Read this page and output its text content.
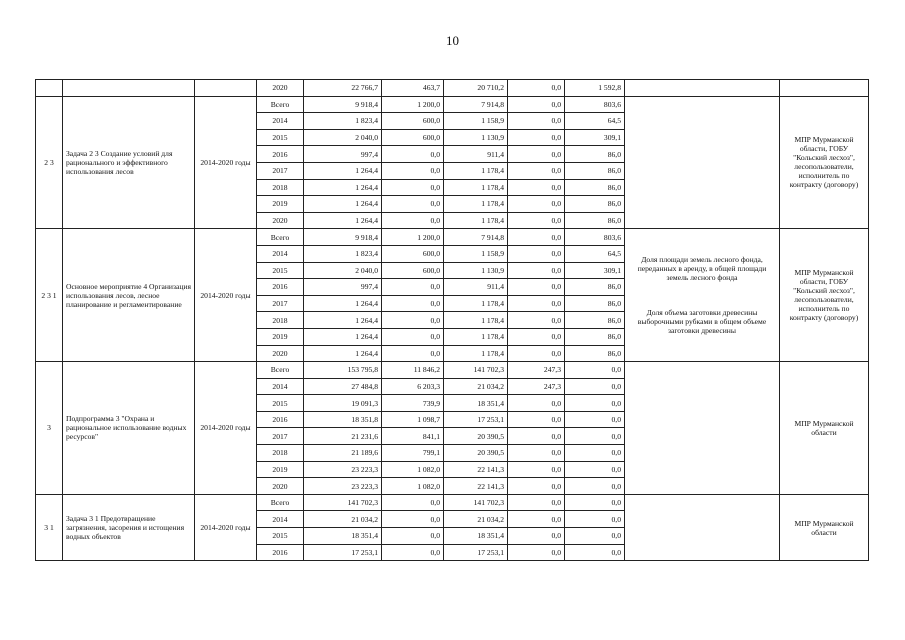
10
			2020	22 766,7	463,7	20 710,2	0,0	1 592,8		
2 3	Задача 2 3 Создание условий для рационального и эффективного использования лесов	2014-2020 годы	Всего	9 918,4	1 200,0	7 914,8	0,0	803,6		МПР Мурманской области, ГОБУ "Кольский лесхоз", лесопользователи, исполнитель по контракту (договору)
			2014	1 823,4	600,0	1 158,9	0,0	64,5		
			2015	2 040,0	600,0	1 130,9	0,0	309,1		
			2016	997,4	0,0	911,4	0,0	86,0		
			2017	1 264,4	0,0	1 178,4	0,0	86,0		
			2018	1 264,4	0,0	1 178,4	0,0	86,0		
			2019	1 264,4	0,0	1 178,4	0,0	86,0		
			2020	1 264,4	0,0	1 178,4	0,0	86,0		
2 3 1	Основное мероприятие 4 Организация использования лесов, лесное планирование и регламентирование	2014-2020 годы	Всего	9 918,4	1 200,0	7 914,8	0,0	803,6	Доля площади земель лесного фонда, переданных в аренду, в общей площади земель лесного фонда
Доля объема заготовки древесины выборочными рубками в общем объеме заготовки древесины	МПР Мурманской области, ГОБУ "Кольский лесхоз", лесопользователи, исполнитель по контракту (договору)
			2014	1 823,4	600,0	1 158,9	0,0	64,5		
			2015	2 040,0	600,0	1 130,9	0,0	309,1		
			2016	997,4	0,0	911,4	0,0	86,0		
			2017	1 264,4	0,0	1 178,4	0,0	86,0		
			2018	1 264,4	0,0	1 178,4	0,0	86,0		
			2019	1 264,4	0,0	1 178,4	0,0	86,0		
			2020	1 264,4	0,0	1 178,4	0,0	86,0		
3	Подпрограмма 3 "Охрана и рациональное использование водных ресурсов"	2014-2020 годы	Всего	153 795,8	11 846,2	141 702,3	247,3	0,0		МПР Мурманской области
			2014	27 484,8	6 203,3	21 034,2	247,3	0,0		
			2015	19 091,3	739,9	18 351,4	0,0	0,0		
			2016	18 351,8	1 098,7	17 253,1	0,0	0,0		
			2017	21 231,6	841,1	20 390,5	0,0	0,0		
			2018	21 189,6	799,1	20 390,5	0,0	0,0		
			2019	23 223,3	1 082,0	22 141,3	0,0	0,0		
			2020	23 223,3	1 082,0	22 141,3	0,0	0,0		
3 1	Задача 3 1 Предотвращение загрязнения, засорения и истощения водных объектов	2014-2020 годы	Всего	141 702,3	0,0	141 702,3	0,0	0,0		МПР Мурманской области
			2014	21 034,2	0,0	21 034,2	0,0	0,0		
			2015	18 351,4	0,0	18 351,4	0,0	0,0		
			2016	17 253,1	0,0	17 253,1	0,0	0,0		
